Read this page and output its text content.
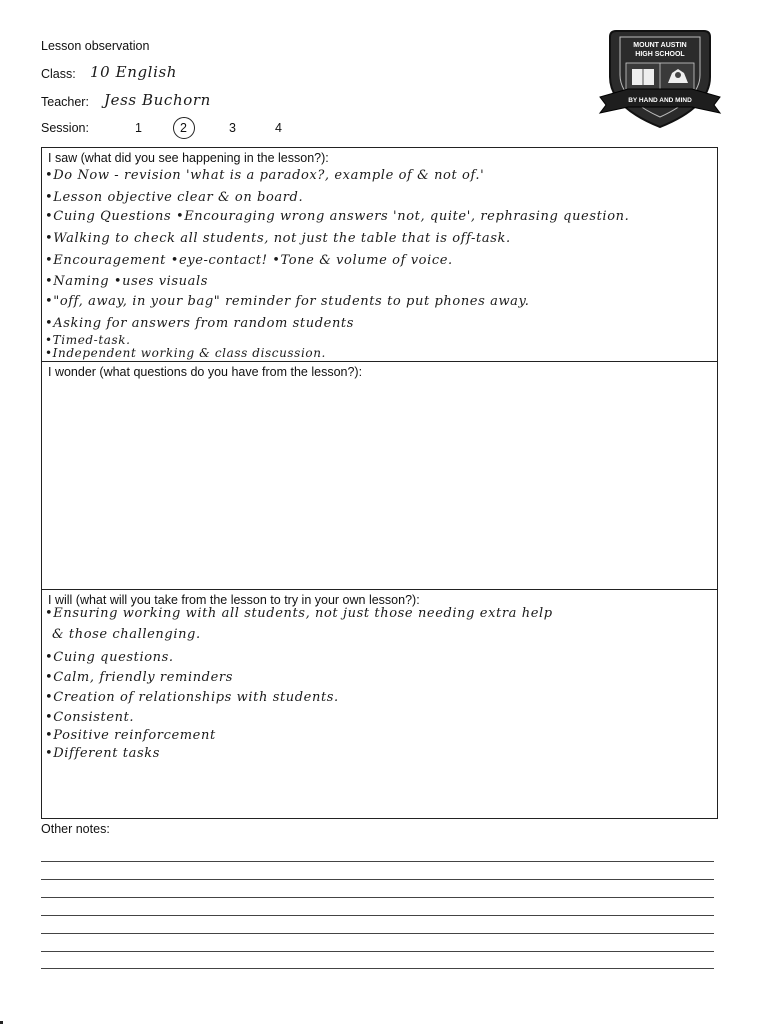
Lesson observation
Class: 10 English
Teacher: Jess Buchorn
Session:	1	2	3	4
MOUNT AUSTIN
HIGH SCHOOL
BY HAND AND MIND
I saw (what did you see happening in the lesson?):
•Do Now - revision 'what is a paradox?, example of & not of.'
•Lesson objective clear & on board.
•Cuing Questions •Encouraging wrong answers 'not, quite', rephrasing question.
•Walking to check all students, not just the table that is off-task.
•Encouragement •eye-contact! •Tone & volume of voice.
•Naming •uses visuals
•"off, away, in your bag" reminder for students to put phones away.
•Asking for answers from random students
•Timed-task.
•Independent working & class discussion.
I wonder (what questions do you have from the lesson?):
I will (what will you take from the lesson to try in your own lesson?):
•Ensuring working with all students, not just those needing extra help
& those challenging.
•Cuing questions.
•Calm, friendly reminders
•Creation of relationships with students.
•Consistent.
•Positive reinforcement
•Different tasks
Other notes:
